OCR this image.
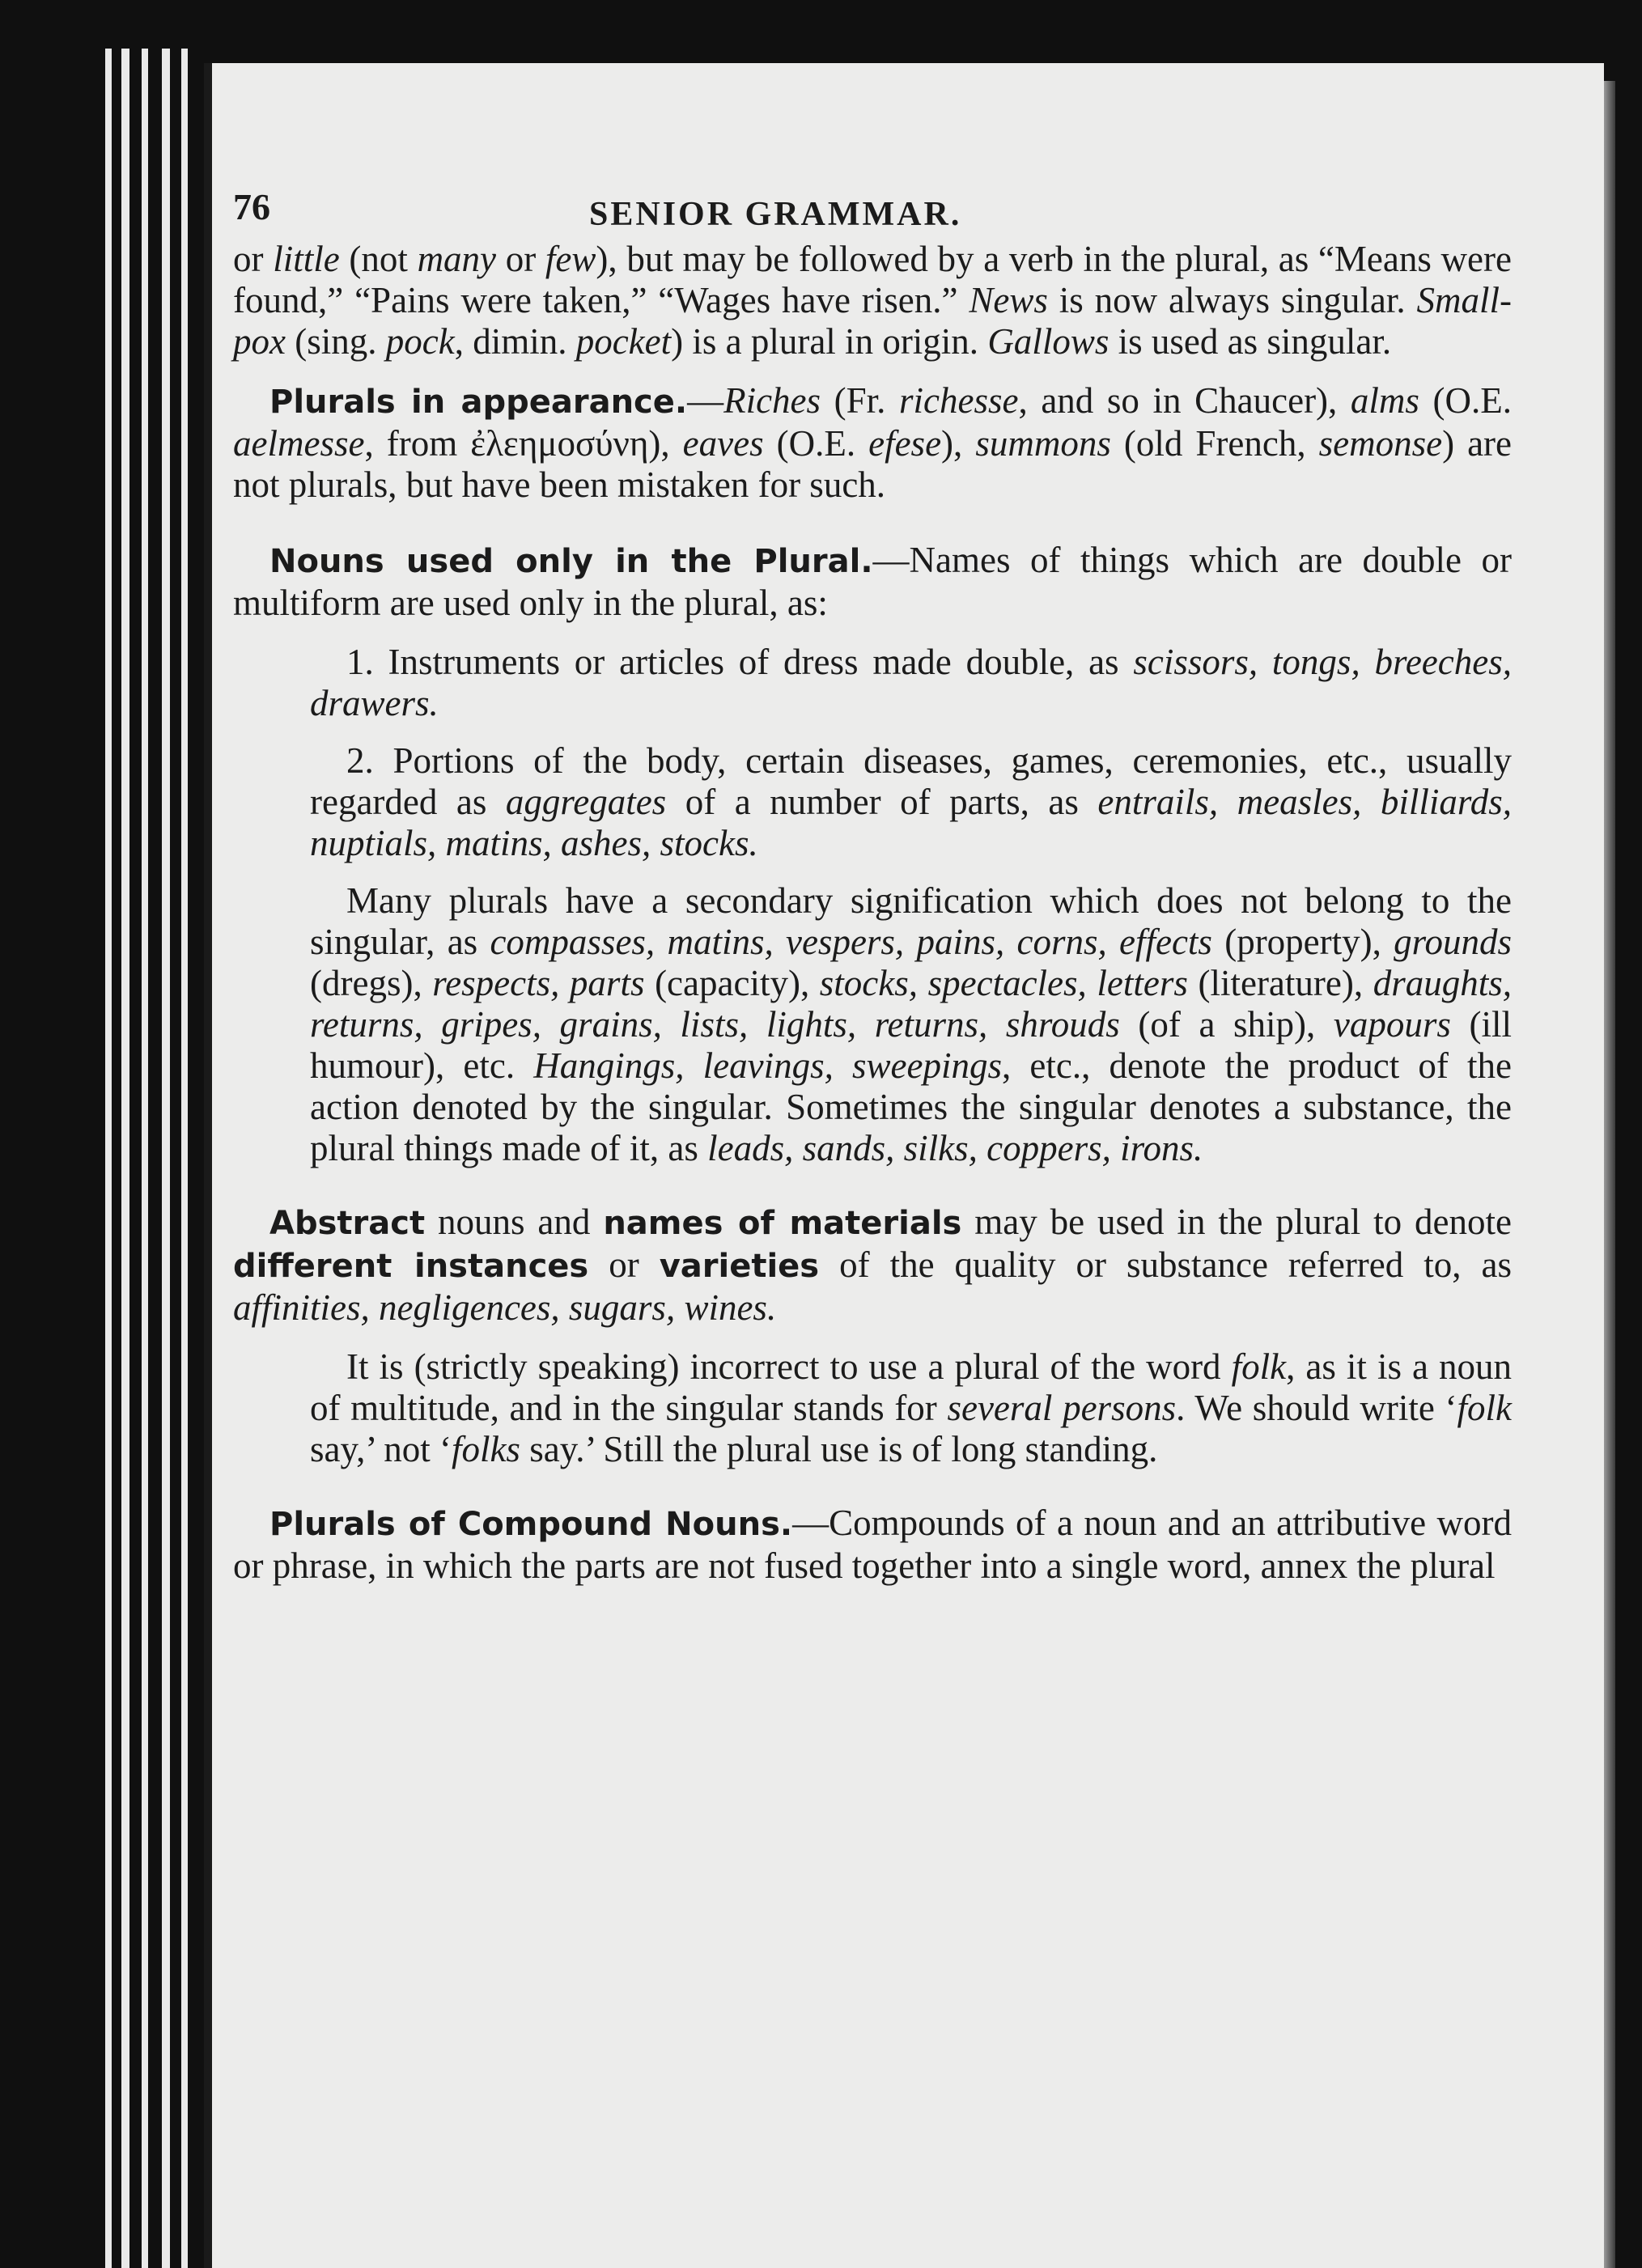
76	SENIOR GRAMMAR.

or little (not many or few), but may be followed by a verb in the plural, as “Means were found,” “Pains were taken,” “Wages have risen.” News is now always singular. Small-pox (sing. pock, dimin. pocket) is a plural in origin. Gallows is used as singular.

 Plurals in appearance.—Riches (Fr. richesse, and so in Chaucer), alms (O.E. aelmesse, from ἐλεημοσύνη), eaves (O.E. efese), summons (old French, semonse) are not plurals, but have been mistaken for such.

 Nouns used only in the Plural.—Names of things which are double or multiform are used only in the plural, as:

 1. Instruments or articles of dress made double, as scissors, tongs, breeches, drawers.

 2. Portions of the body, certain diseases, games, ceremonies, etc., usually regarded as aggregates of a number of parts, as entrails, measles, billiards, nuptials, matins, ashes, stocks.

 Many plurals have a secondary signification which does not belong to the singular, as compasses, matins, vespers, pains, corns, effects (property), grounds (dregs), respects, parts (capacity), stocks, spectacles, letters (literature), draughts, returns, gripes, grains, lists, lights, returns, shrouds (of a ship), vapours (ill humour), etc. Hangings, leavings, sweepings, etc., denote the product of the action denoted by the singular. Sometimes the singular denotes a substance, the plural things made of it, as leads, sands, silks, coppers, irons.

 Abstract nouns and names of materials may be used in the plural to denote different instances or varieties of the quality or substance referred to, as affinities, negligences, sugars, wines.

 It is (strictly speaking) incorrect to use a plural of the word folk, as it is a noun of multitude, and in the singular stands for several persons. We should write ‘folk say,’ not ‘folks say.’ Still the plural use is of long standing.

 Plurals of Compound Nouns.—Compounds of a noun and an attributive word or phrase, in which the parts are not fused together into a single word, annex the plural
